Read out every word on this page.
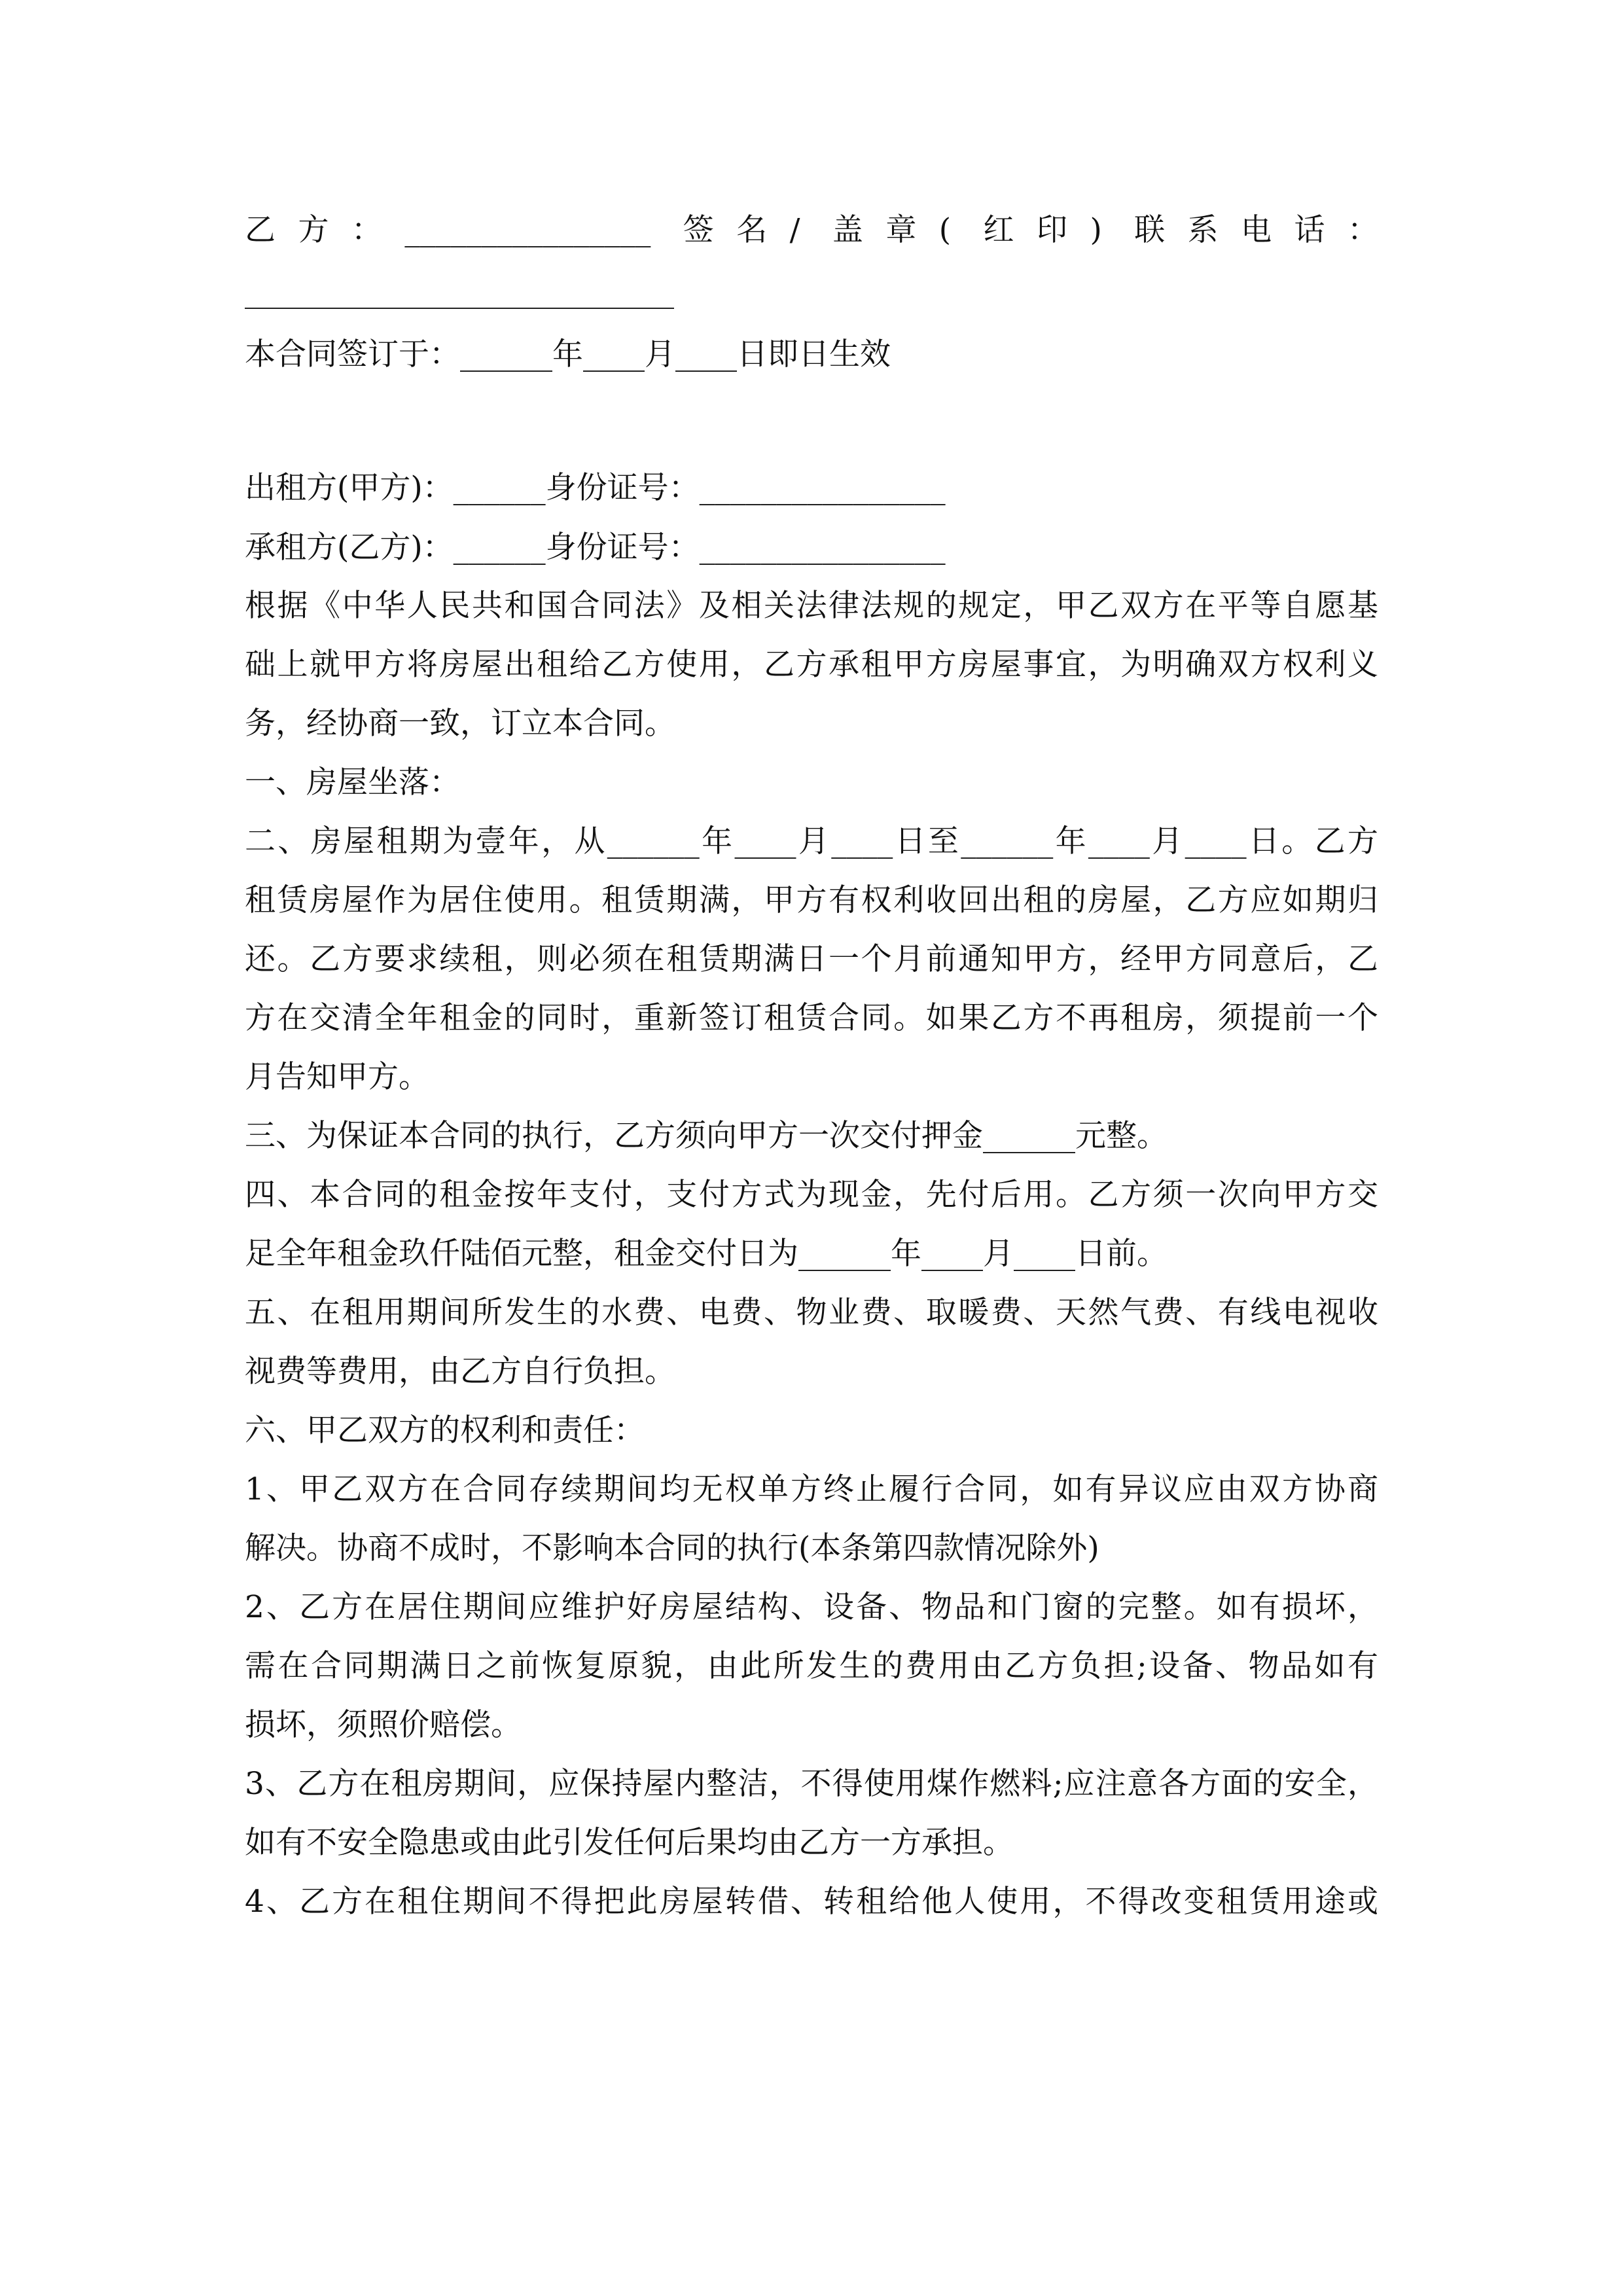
乙方：________________ 签名/ 盖章( 红印) 联系电话：

本合同签订于：______年____月____日即日生效

出租方(甲方)：______身份证号：________________

承租方(乙方)：______身份证号：________________

根据《中华人民共和国合同法》及相关法律法规的规定，甲乙双方在平等自愿基

础上就甲方将房屋出租给乙方使用，乙方承租甲方房屋事宜，为明确双方权利义

务，经协商一致，订立本合同。

一、房屋坐落：

二、房屋租期为壹年，从______年____月____日至______年____月____日。乙方

租赁房屋作为居住使用。租赁期满，甲方有权利收回出租的房屋，乙方应如期归

还。乙方要求续租，则必须在租赁期满日一个月前通知甲方，经甲方同意后，乙

方在交清全年租金的同时，重新签订租赁合同。如果乙方不再租房，须提前一个

月告知甲方。

三、为保证本合同的执行，乙方须向甲方一次交付押金______元整。

四、本合同的租金按年支付，支付方式为现金，先付后用。乙方须一次向甲方交

足全年租金玖仟陆佰元整，租金交付日为______年____月____日前。

五、在租用期间所发生的水费、电费、物业费、取暖费、天然气费、有线电视收

视费等费用，由乙方自行负担。

六、甲乙双方的权利和责任：

1、甲乙双方在合同存续期间均无权单方终止履行合同，如有异议应由双方协商

解决。协商不成时，不影响本合同的执行(本条第四款情况除外)

2、乙方在居住期间应维护好房屋结构、设备、物品和门窗的完整。如有损坏，

需在合同期满日之前恢复原貌，由此所发生的费用由乙方负担;设备、物品如有

损坏，须照价赔偿。

3、乙方在租房期间，应保持屋内整洁，不得使用煤作燃料;应注意各方面的安全，

如有不安全隐患或由此引发任何后果均由乙方一方承担。

4、乙方在租住期间不得把此房屋转借、转租给他人使用，不得改变租赁用途或
